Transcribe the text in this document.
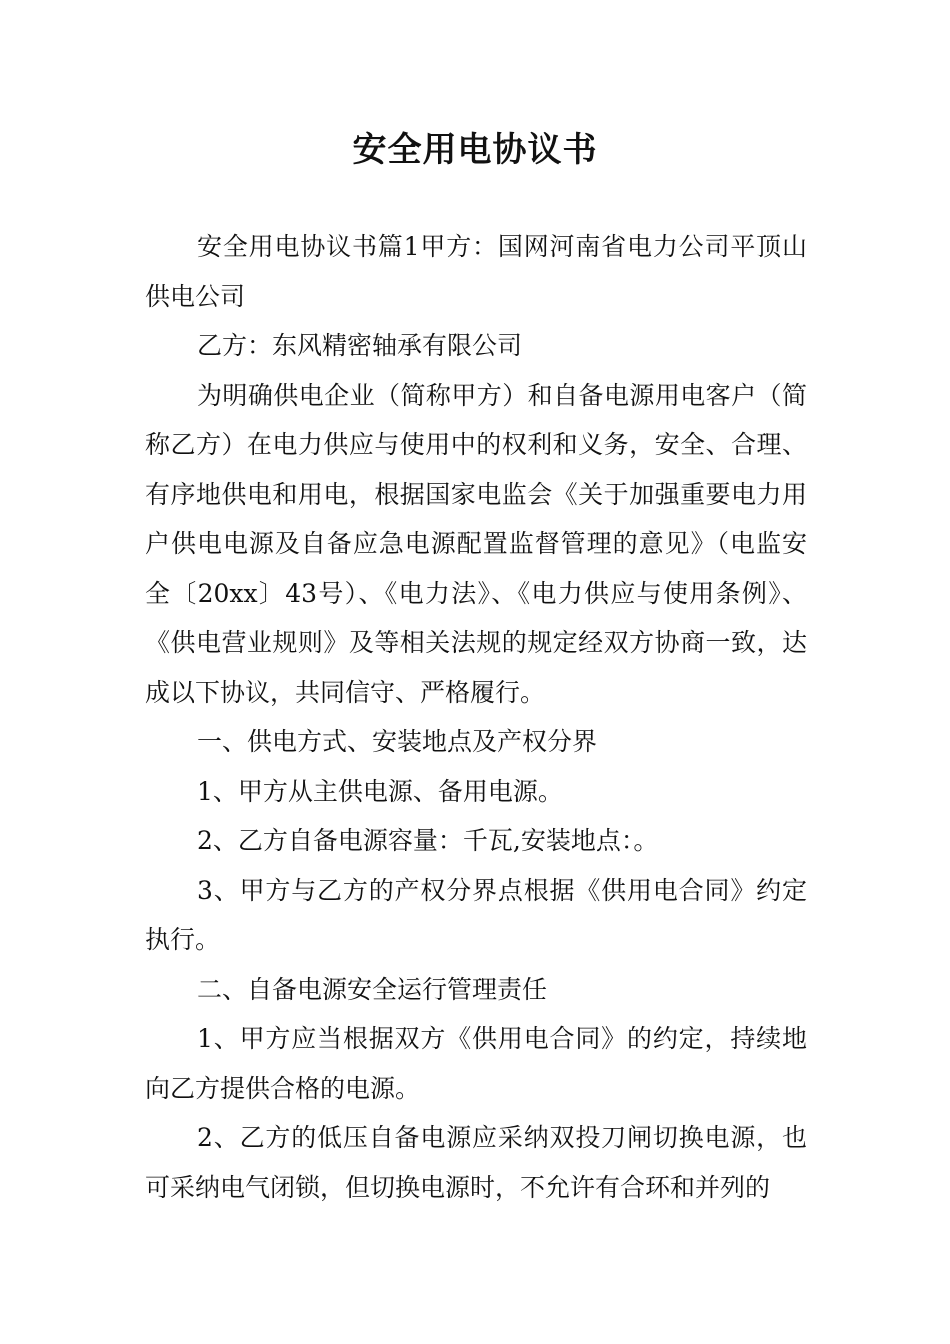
安全用电协议书

安全用电协议书篇1甲方：国网河南省电力公司平顶山供电公司

乙方：东风精密轴承有限公司

为明确供电企业（简称甲方）和自备电源用电客户（简称乙方）在电力供应与使用中的权利和义务，安全、合理、有序地供电和用电，根据国家电监会《关于加强重要电力用户供电电源及自备应急电源配置监督管理的意见》（电监安全〔20xx〕43号）、《电力法》、《电力供应与使用条例》、《供电营业规则》及等相关法规的规定经双方协商一致，达成以下协议，共同信守、严格履行。

一、供电方式、安装地点及产权分界

1、甲方从主供电源、备用电源。

2、乙方自备电源容量：千瓦,安装地点：。

3、甲方与乙方的产权分界点根据《供用电合同》约定执行。

二、自备电源安全运行管理责任

1、甲方应当根据双方《供用电合同》的约定，持续地向乙方提供合格的电源。

2、乙方的低压自备电源应采纳双投刀闸切换电源，也可采纳电气闭锁，但切换电源时，不允许有合环和并列的
